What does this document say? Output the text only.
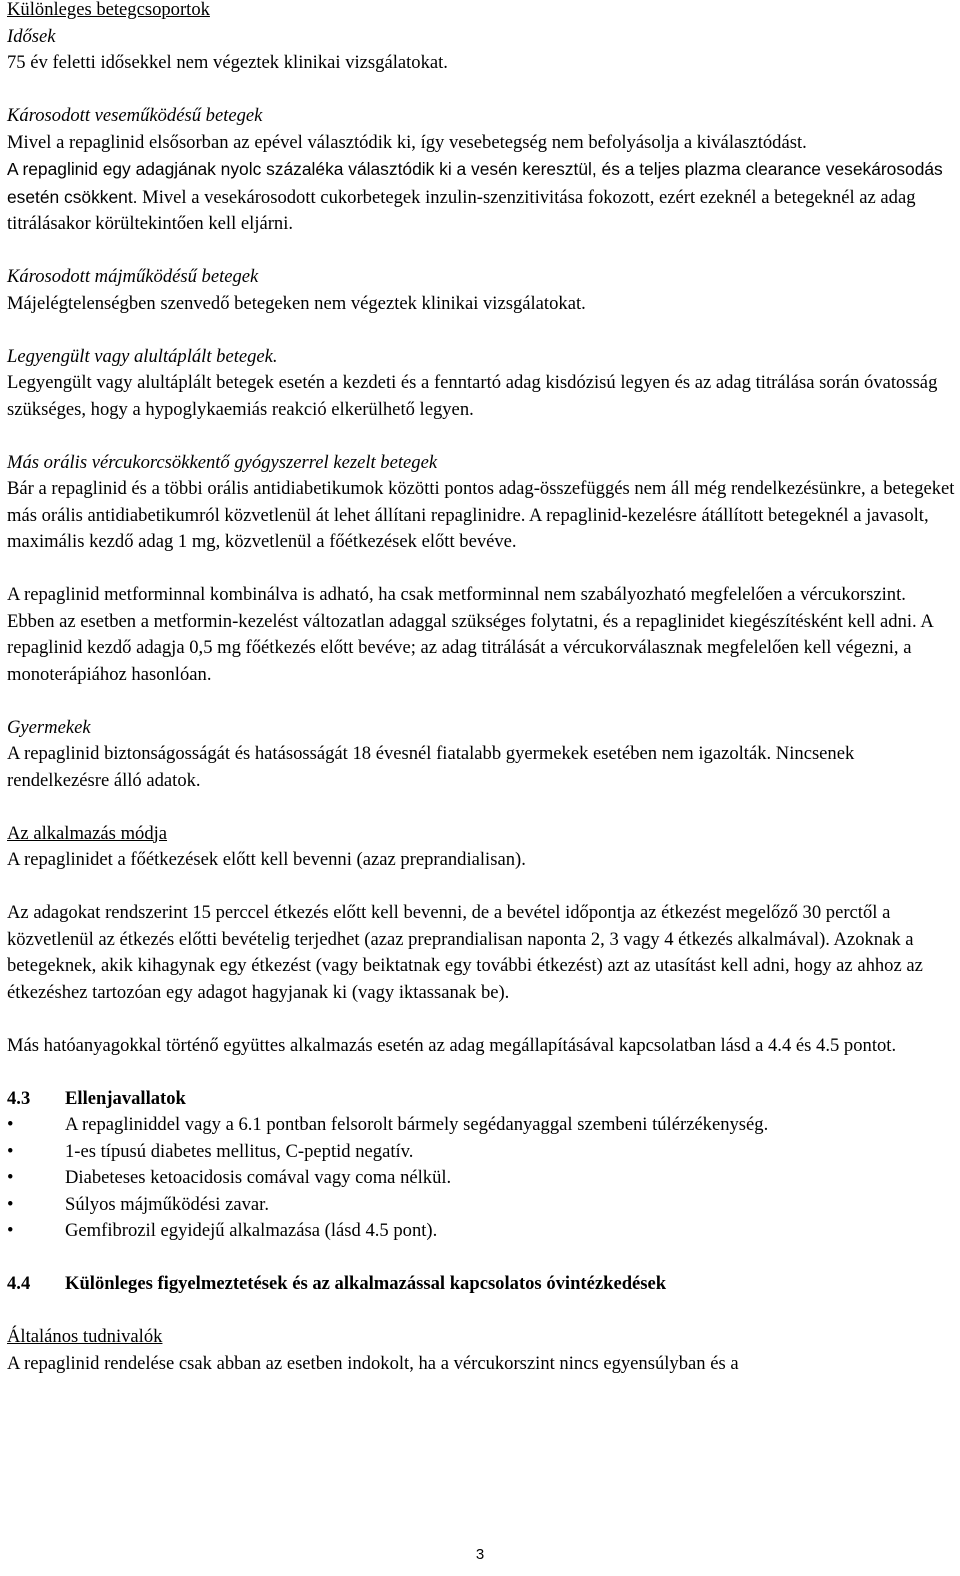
Különleges betegcsoportok

Idősek

75 év feletti idősekkel nem végeztek klinikai vizsgálatokat.

Károsodott veseműködésű betegek

Mivel a repaglinid elsősorban az epével választódik ki, így vesebetegség nem befolyásolja a kiválasztódást.

A repaglinid egy adagjának nyolc százaléka választódik ki a vesén keresztül, és a teljes plazma clearance vesekárosodás esetén csökkent. Mivel a vesekárosodott cukorbetegek inzulin-szenzitivitása fokozott, ezért ezeknél a betegeknél az adag titrálásakor körültekintően kell eljárni.

Károsodott májműködésű betegek

Májelégtelenségben szenvedő betegeken nem végeztek klinikai vizsgálatokat.

Legyengült vagy alultáplált betegek.

Legyengült vagy alultáplált betegek esetén a kezdeti és a fenntartó adag kisdózisú legyen és az adag titrálása során óvatosság szükséges, hogy a hypoglykaemiás reakció elkerülhető legyen.

Más orális vércukorcsökkentő gyógyszerrel kezelt betegek

Bár a repaglinid és a többi orális antidiabetikumok közötti pontos adag-összefüggés nem áll még rendelkezésünkre, a betegeket más orális antidiabetikumról közvetlenül át lehet állítani repaglinidre. A repaglinid-kezelésre átállított betegeknél a javasolt, maximális kezdő adag 1 mg, közvetlenül a főétkezések előtt bevéve.

A repaglinid metforminnal kombinálva is adható, ha csak metforminnal nem szabályozható megfelelően a vércukorszint. Ebben az esetben a metformin-kezelést változatlan adaggal szükséges folytatni, és a repaglinidet kiegészítésként kell adni. A repaglinid kezdő adagja 0,5 mg főétkezés előtt bevéve; az adag titrálását a vércukorválasznak megfelelően kell végezni, a monoterápiához hasonlóan.

Gyermekek

A repaglinid biztonságosságát és hatásosságát 18 évesnél fiatalabb gyermekek esetében nem igazolták. Nincsenek rendelkezésre álló adatok.

Az alkalmazás módja

A repaglinidet a főétkezések előtt kell bevenni (azaz preprandialisan).

Az adagokat rendszerint 15 perccel étkezés előtt kell bevenni, de a bevétel időpontja az étkezést megelőző 30 perctől a közvetlenül az étkezés előtti bevételig terjedhet (azaz preprandialisan naponta 2, 3 vagy 4 étkezés alkalmával). Azoknak a betegeknek, akik kihagynak egy étkezést (vagy beiktatnak egy további étkezést) azt az utasítást kell adni, hogy az ahhoz az étkezéshez tartozóan egy adagot hagyjanak ki (vagy iktassanak be).

Más hatóanyagokkal történő együttes alkalmazás esetén az adag megállapításával kapcsolatban lásd a 4.4 és 4.5 pontot.

4.3 Ellenjavallatok

•	A repagliniddel vagy a 6.1 pontban felsorolt bármely segédanyaggal szembeni túlérzékenység.
•	1-es típusú diabetes mellitus, C-peptid negatív.
•	Diabeteses ketoacidosis comával vagy coma nélkül.
•	Súlyos májműködési zavar.
•	Gemfibrozil egyidejű alkalmazása (lásd 4.5 pont).

4.4 Különleges figyelmeztetések és az alkalmazással kapcsolatos óvintézkedések

Általános tudnivalók

A repaglinid rendelése csak abban az esetben indokolt, ha a vércukorszint nincs egyensúlyban és a

3
